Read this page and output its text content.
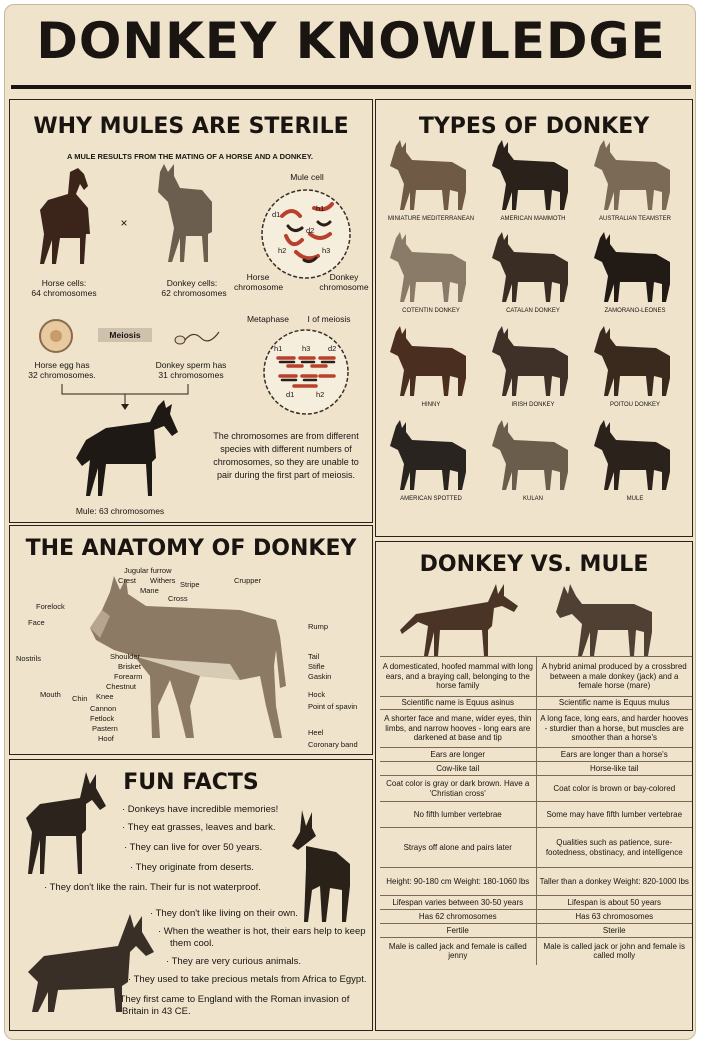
DONKEY KNOWLEDGE
WHY MULES ARE STERILE
A MULE RESULTS FROM THE MATING OF A HORSE AND A DONKEY.
×
Mule cell
d1
h1
d2
h2	h3
Horse cells:
64 chromosomes
Donkey cells:
62 chromosomes
Horse chromosome
Donkey chromosome
Meiosis
Metaphase	I of meiosis
h1	h3 d2
d1	h2
Horse egg has
32 chromosomes.
Donkey sperm has
31 chromosomes
The chromosomes are from different species with different numbers of chromosomes, so they are unable to pair during the first part of meiosis.
Mule: 63 chromosomes
TYPES OF DONKEY
MINIATURE MEDITERRANEAN	AMERICAN MAMMOTH	AUSTRALIAN TEAMSTER
COTENTIN DONKEY	CATALAN DONKEY	ZAMORANO-LEONES
HINNY	IRISH DONKEY	POITOU DONKEY
AMERICAN SPOTTED	KULAN	MULE
THE ANATOMY OF DONKEY
Jugular furrow
Crest Withers
Mane
Stripe
Cross
Crupper
Forelock
Face
Nostrils
Mouth Chin
Shoulder
Brisket
Forearm
Chestnut
Knee
Cannon
Fetlock
Pastern
Hoof
Rump
Tail
Stifle
Gaskin
Hock
Point of spavin
Heel
Coronary band
FUN FACTS
· Donkeys have incredible memories!
· They eat grasses, leaves and bark.
· They can live for over 50 years.
· They originate from deserts.
· They don't like the rain. Their fur is not waterproof.
· They don't like living on their own.
· When the weather is hot, their ears help to keep
them cool.
· They are very curious animals.
· They used to take precious metals from Africa to Egypt.
· They first came to England with the Roman invasion of
Britain in 43 CE.
DONKEY VS. MULE
A domesticated, hoofed mammal with long ears, and a braying call, belonging to the horse family	A hybrid animal produced by a crossbred between a male donkey (jack) and a female horse (mare)
Scientific name is Equus asinus	Scientific name is Equus mulus
A shorter face and mane, wider eyes, thin limbs, and narrow hooves - long ears are darkened at base and tip	A long face, long ears, and harder hooves - sturdier than a horse, but muscles are smoother than a horse's
Ears are longer	Ears are longer than a horse's
Cow-like tail	Horse-like tail
Coat color is gray or dark brown. Have a 'Christian cross'	Coat color is brown or bay-colored
No fifth lumber vertebrae	Some may have fifth lumber vertebrae
Strays off alone and pairs later	Qualities such as patience, sure-footedness, obstinacy, and intelligence
Height: 90-180 cm Weight: 180-1060 lbs	Taller than a donkey Weight: 820-1000 lbs
Lifespan varies between 30-50 years	Lifespan is about 50 years
Has 62 chromosomes	Has 63 chromosomes
Fertile	Sterile
Male is called jack and female is called jenny	Male is called jack or john and female is called molly
